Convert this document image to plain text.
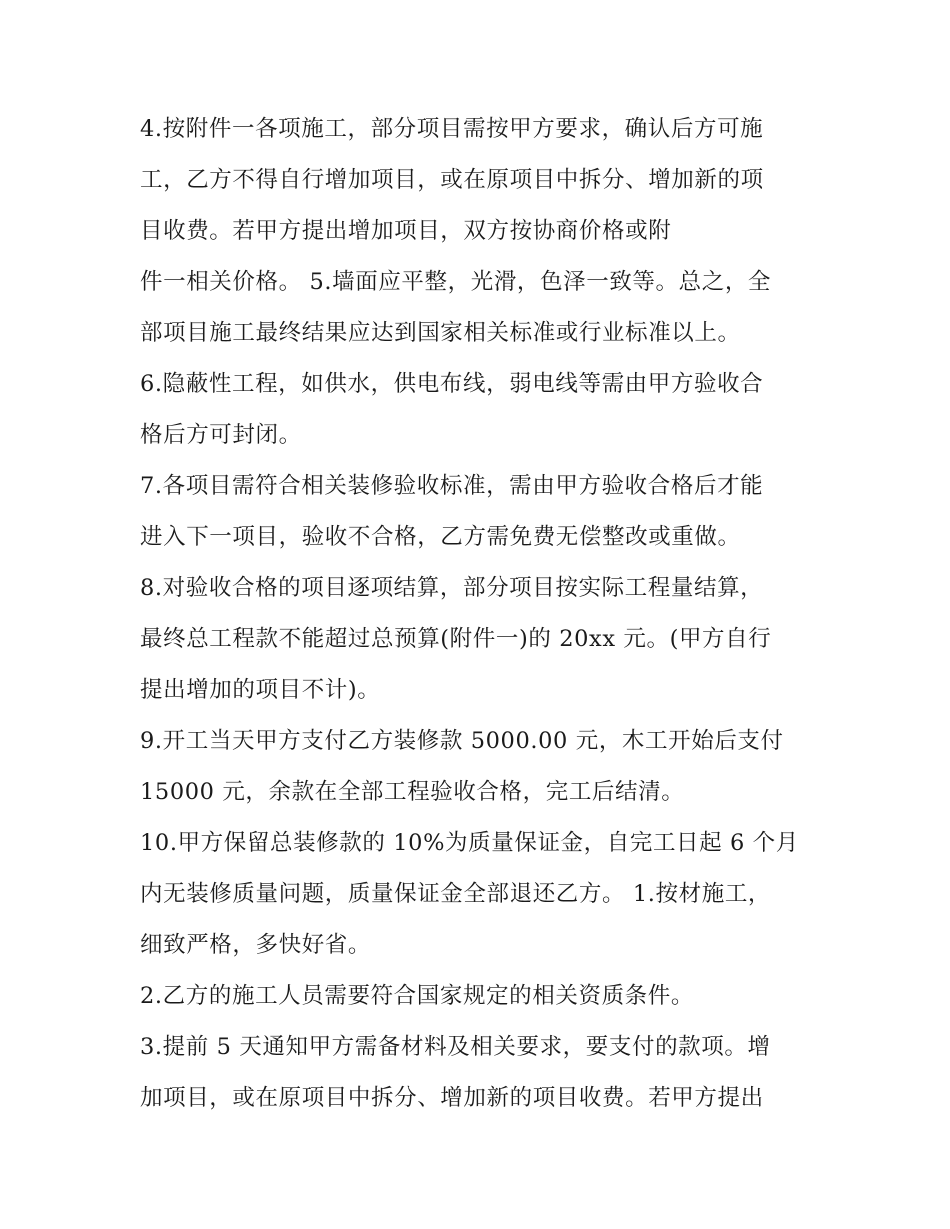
4.按附件一各项施工，部分项目需按甲方要求，确认后方可施
工，乙方不得自行增加项目，或在原项目中拆分、增加新的项
目收费。若甲方提出增加项目，双方按协商价格或附
件一相关价格。 5.墙面应平整，光滑，色泽一致等。总之，全
部项目施工最终结果应达到国家相关标准或行业标准以上。
6.隐蔽性工程，如供水，供电布线，弱电线等需由甲方验收合
格后方可封闭。
7.各项目需符合相关装修验收标准，需由甲方验收合格后才能
进入下一项目，验收不合格，乙方需免费无偿整改或重做。
8.对验收合格的项目逐项结算，部分项目按实际工程量结算，
最终总工程款不能超过总预算(附件一)的 20xx 元。(甲方自行
提出增加的项目不计)。
9.开工当天甲方支付乙方装修款 5000.00 元，木工开始后支付
15000 元，余款在全部工程验收合格，完工后结清。
10.甲方保留总装修款的 10%为质量保证金，自完工日起 6 个月
内无装修质量问题，质量保证金全部退还乙方。 1.按材施工，
细致严格，多快好省。
2.乙方的施工人员需要符合国家规定的相关资质条件。
3.提前 5 天通知甲方需备材料及相关要求，要支付的款项。增
加项目，或在原项目中拆分、增加新的项目收费。若甲方提出
